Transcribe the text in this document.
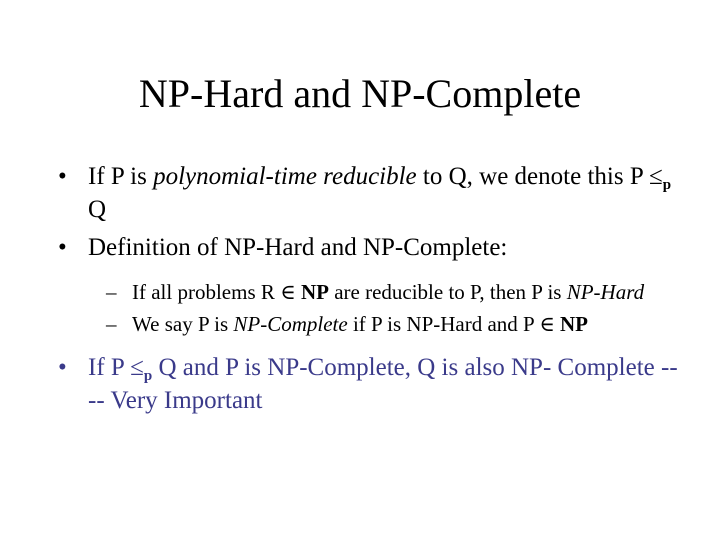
NP-Hard and NP-Complete
• If P is polynomial-time reducible to Q, we denote this $P \le_p$ Q
• Definition of NP-Hard and NP-Complete:
– If all problems R ∈ NP are reducible to P, then P is NP-Hard
– We say P is NP-Complete if P is NP-Hard and P ∈ NP
• If $P \le_p$ Q and P is NP-Complete, Q is also NP- Complete ---- Very Important
